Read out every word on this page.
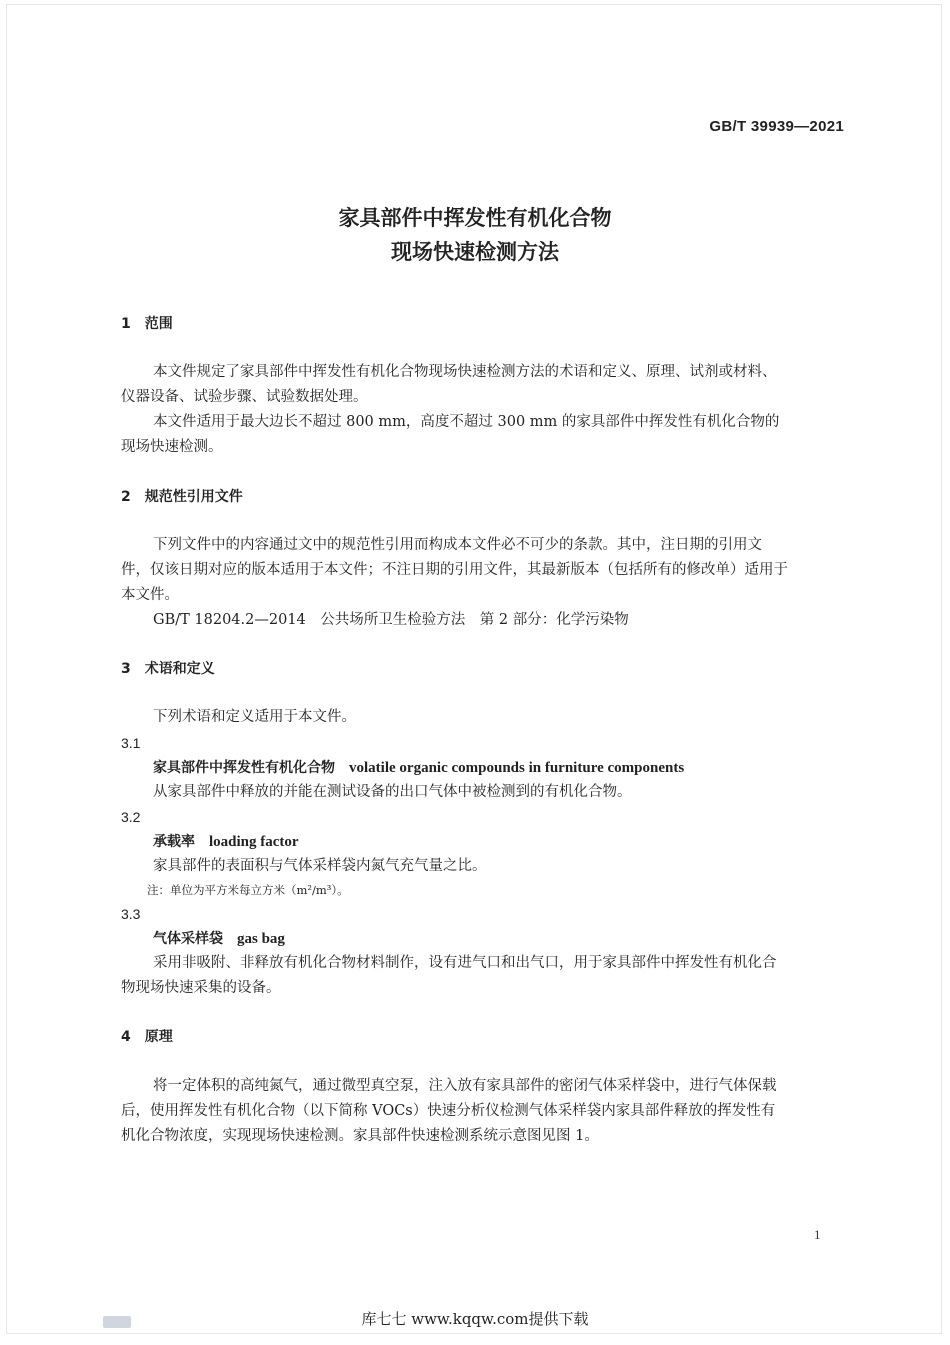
GB/T 39939—2021
家具部件中挥发性有机化合物
现场快速检测方法
1　范围
本文件规定了家具部件中挥发性有机化合物现场快速检测方法的术语和定义、原理、试剂或材料、
仪器设备、试验步骤、试验数据处理。
本文件适用于最大边长不超过 800 mm，高度不超过 300 mm 的家具部件中挥发性有机化合物的
现场快速检测。
2　规范性引用文件
下列文件中的内容通过文中的规范性引用而构成本文件必不可少的条款。其中，注日期的引用文
件，仅该日期对应的版本适用于本文件；不注日期的引用文件，其最新版本（包括所有的修改单）适用于
本文件。
GB/T 18204.2—2014　公共场所卫生检验方法　第 2 部分：化学污染物
3　术语和定义
下列术语和定义适用于本文件。
3.1
家具部件中挥发性有机化合物 volatile organic compounds in furniture components
从家具部件中释放的并能在测试设备的出口气体中被检测到的有机化合物。
3.2
承载率 loading factor
家具部件的表面积与气体采样袋内氮气充气量之比。
注：单位为平方米每立方米（m²/m³）。
3.3
气体采样袋 gas bag
采用非吸附、非释放有机化合物材料制作，设有进气口和出气口，用于家具部件中挥发性有机化合
物现场快速采集的设备。
4　原理
将一定体积的高纯氮气，通过微型真空泵，注入放有家具部件的密闭气体采样袋中，进行气体保载
后，使用挥发性有机化合物（以下简称 VOCs）快速分析仪检测气体采样袋内家具部件释放的挥发性有
机化合物浓度，实现现场快速检测。家具部件快速检测系统示意图见图 1。
1
库七七 www.kqqw.com提供下载
